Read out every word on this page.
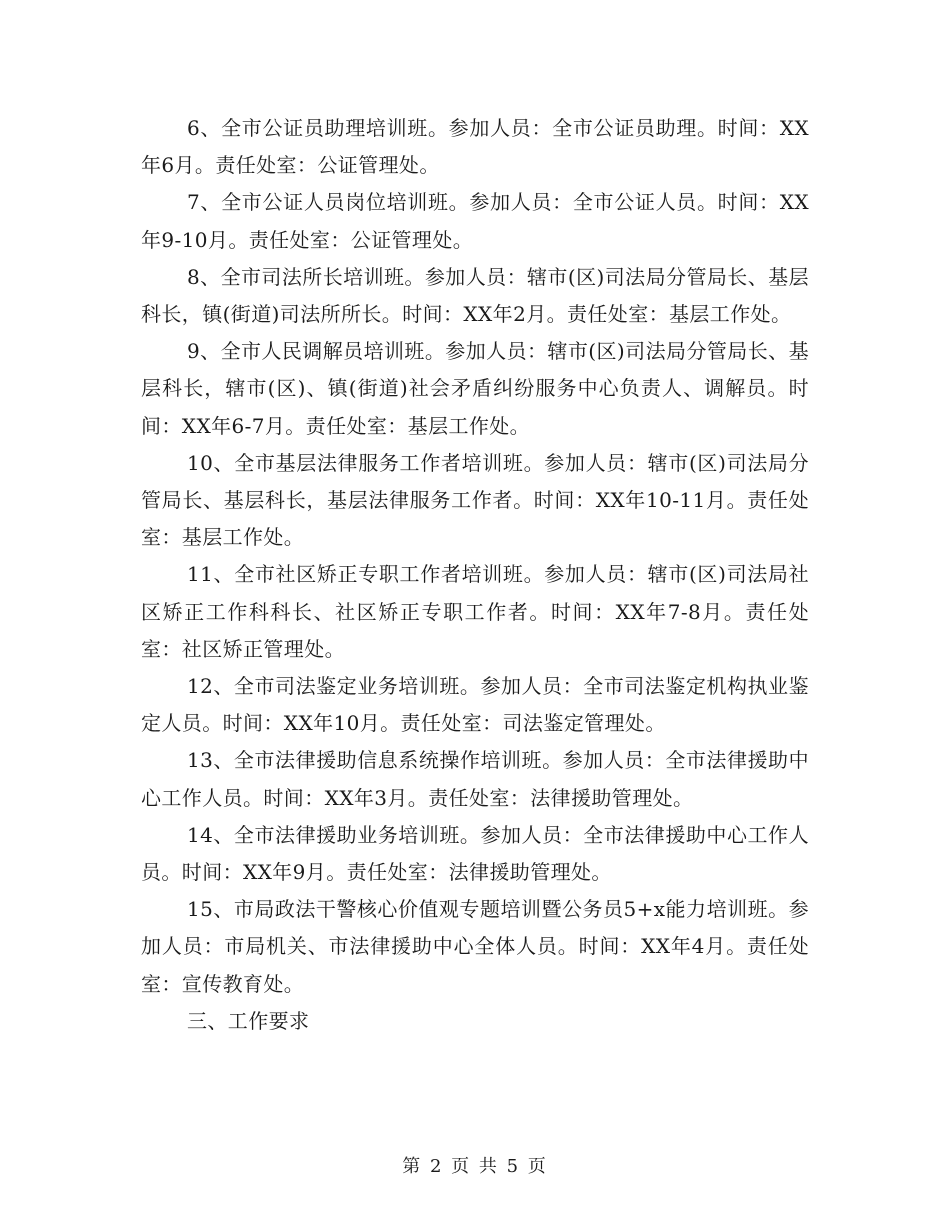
6、全市公证员助理培训班。参加人员：全市公证员助理。时间：XX年6月。责任处室：公证管理处。

7、全市公证人员岗位培训班。参加人员：全市公证人员。时间：XX年9-10月。责任处室：公证管理处。

8、全市司法所长培训班。参加人员：辖市(区)司法局分管局长、基层科长，镇(街道)司法所所长。时间：XX年2月。责任处室：基层工作处。

9、全市人民调解员培训班。参加人员：辖市(区)司法局分管局长、基层科长，辖市(区)、镇(街道)社会矛盾纠纷服务中心负责人、调解员。时间：XX年6-7月。责任处室：基层工作处。

10、全市基层法律服务工作者培训班。参加人员：辖市(区)司法局分管局长、基层科长，基层法律服务工作者。时间：XX年10-11月。责任处室：基层工作处。

11、全市社区矫正专职工作者培训班。参加人员：辖市(区)司法局社区矫正工作科科长、社区矫正专职工作者。时间：XX年7-8月。责任处室：社区矫正管理处。

12、全市司法鉴定业务培训班。参加人员：全市司法鉴定机构执业鉴定人员。时间：XX年10月。责任处室：司法鉴定管理处。

13、全市法律援助信息系统操作培训班。参加人员：全市法律援助中心工作人员。时间：XX年3月。责任处室：法律援助管理处。

14、全市法律援助业务培训班。参加人员：全市法律援助中心工作人员。时间：XX年9月。责任处室：法律援助管理处。

15、市局政法干警核心价值观专题培训暨公务员5+x能力培训班。参加人员：市局机关、市法律援助中心全体人员。时间：XX年4月。责任处室：宣传教育处。

三、工作要求

第 2 页 共 5 页
